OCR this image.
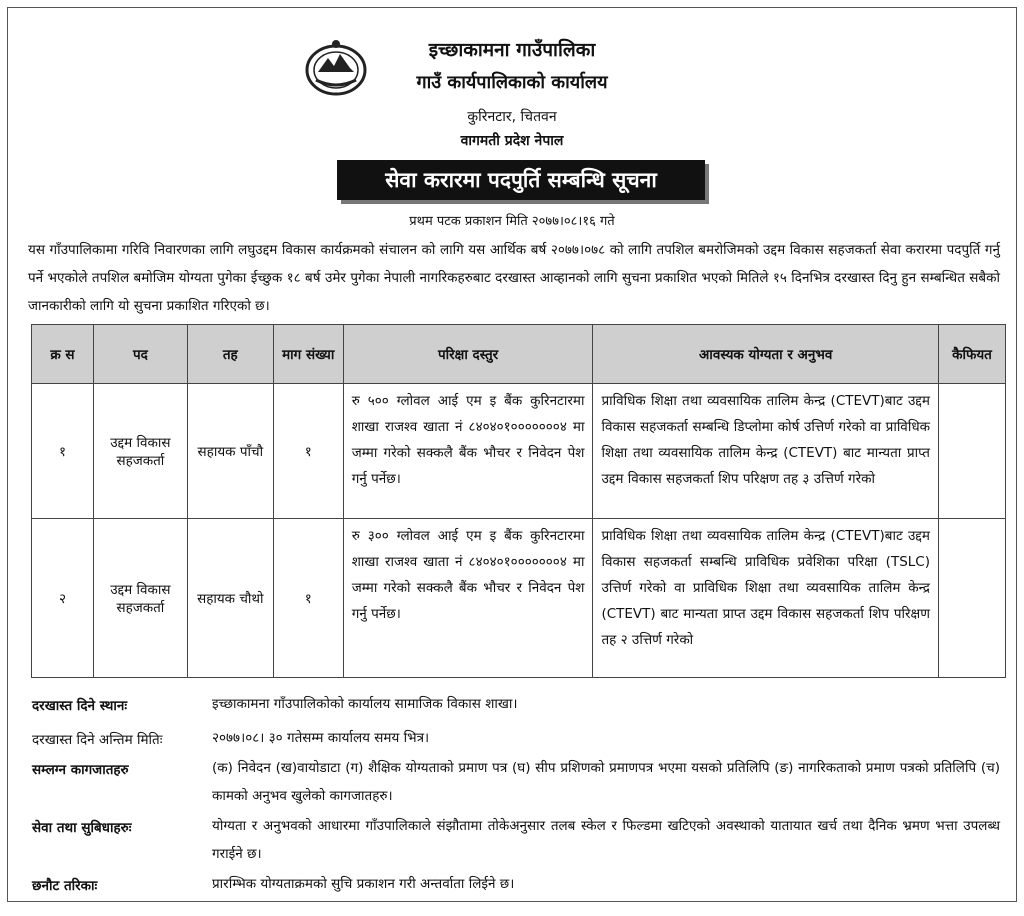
इच्छाकामना गाउँपालिका
गाउँ कार्यपालिकाको कार्यालय
कुरिनटार, चितवन
वागमती प्रदेश नेपाल
सेवा करारमा पदपुर्ति सम्बन्धि सूचना
प्रथम पटक प्रकाशन मिति २०७७।०८।१६ गते
यस गाँउपालिकामा गरिवि निवारणका लागि लघुउद्दम विकास कार्यक्रमको संचालन को लागि यस आर्थिक बर्ष २०७७।०७८ को लागि तपशिल बमरोजिमको उद्दम विकास सहजकर्ता सेवा करारमा पदपुर्ति गर्नु पर्ने भएकोले तपशिल बमोजिम योग्यता पुगेका ईच्छुक १८ बर्ष उमेर पुगेका नेपाली नागरिकहरुबाट दरखास्त आव्हानको लागि सुचना प्रकाशित भएको मितिले १५ दिनभित्र दरखास्त दिनु हुन सम्बन्धित सबैको जानकारीको लागि यो सुचना प्रकाशित गरिएको छ।
क्र स	पद	तह	माग संख्या	परिक्षा दस्तुर	आवस्यक योग्यता र अनुभव	कैफियत
१	उद्दम विकास सहजकर्ता	सहायक पाँचौ	१	रु ५०० ग्लोवल आई एम इ बैंक कुरिनटारमा शाखा राजश्व खाता नं ८४०४०१०००००००४ मा जम्मा गरेको सक्कलै बैंक भौचर र निवेदन पेश गर्नु पर्नेछ।	प्राविधिक शिक्षा तथा व्यवसायिक तालिम केन्द्र (CTEVT)बाट उद्दम विकास सहजकर्ता सम्बन्धि डिप्लोमा कोर्ष उत्तिर्ण गरेको वा प्राविधिक शिक्षा तथा व्यवसायिक तालिम केन्द्र (CTEVT) बाट मान्यता प्राप्त उद्दम विकास सहजकर्ता शिप परिक्षण तह ३ उत्तिर्ण गरेको	
२	उद्दम विकास सहजकर्ता	सहायक चौथो	१	रु ३०० ग्लोवल आई एम इ बैंक कुरिनटारमा शाखा राजश्व खाता नं ८४०४०१०००००००४ मा जम्मा गरेको सक्कलै बैंक भौचर र निवेदन पेश गर्नु पर्नेछ।	प्राविधिक शिक्षा तथा व्यवसायिक तालिम केन्द्र (CTEVT)बाट उद्दम विकास सहजकर्ता सम्बन्धि प्राविधिक प्रवेशिका परिक्षा (TSLC) उत्तिर्ण गरेको वा प्राविधिक शिक्षा तथा व्यवसायिक तालिम केन्द्र (CTEVT) बाट मान्यता प्राप्त उद्दम विकास सहजकर्ता शिप परिक्षण तह २ उत्तिर्ण गरेको	
दरखास्त दिने स्थानः	इच्छाकामना गाँउपालिकोको कार्यालय सामाजिक विकास शाखा।
दरखास्त दिने अन्तिम मितिः	२०७७।०८। ३० गतेसम्म कार्यालय समय भित्र।
सम्लग्न कागजातहरु	(क) निवेदन (ख)वायोडाटा (ग) शैक्षिक योग्यताको प्रमाण पत्र (घ) सीप प्रशिणको प्रमाणपत्र भएमा यसको प्रतिलिपि (ङ) नागरिकताको प्रमाण पत्रको प्रतिलिपि (च) कामको अनुभव खुलेको कागजातहरु।
सेवा तथा सुबिधाहरुः	योग्यता र अनुभवको आधारमा गाँउपालिकाले संझौतामा तोकेअनुसार तलब स्केल र फिल्डमा खटिएको अवस्थाको यातायात खर्च तथा दैनिक भ्रमण भत्ता उपलब्ध गराईने छ।
छनौट तरिकाः	प्रारम्भिक योग्यताक्रमको सुचि प्रकाशन गरी अन्तर्वाता लिईने छ।
